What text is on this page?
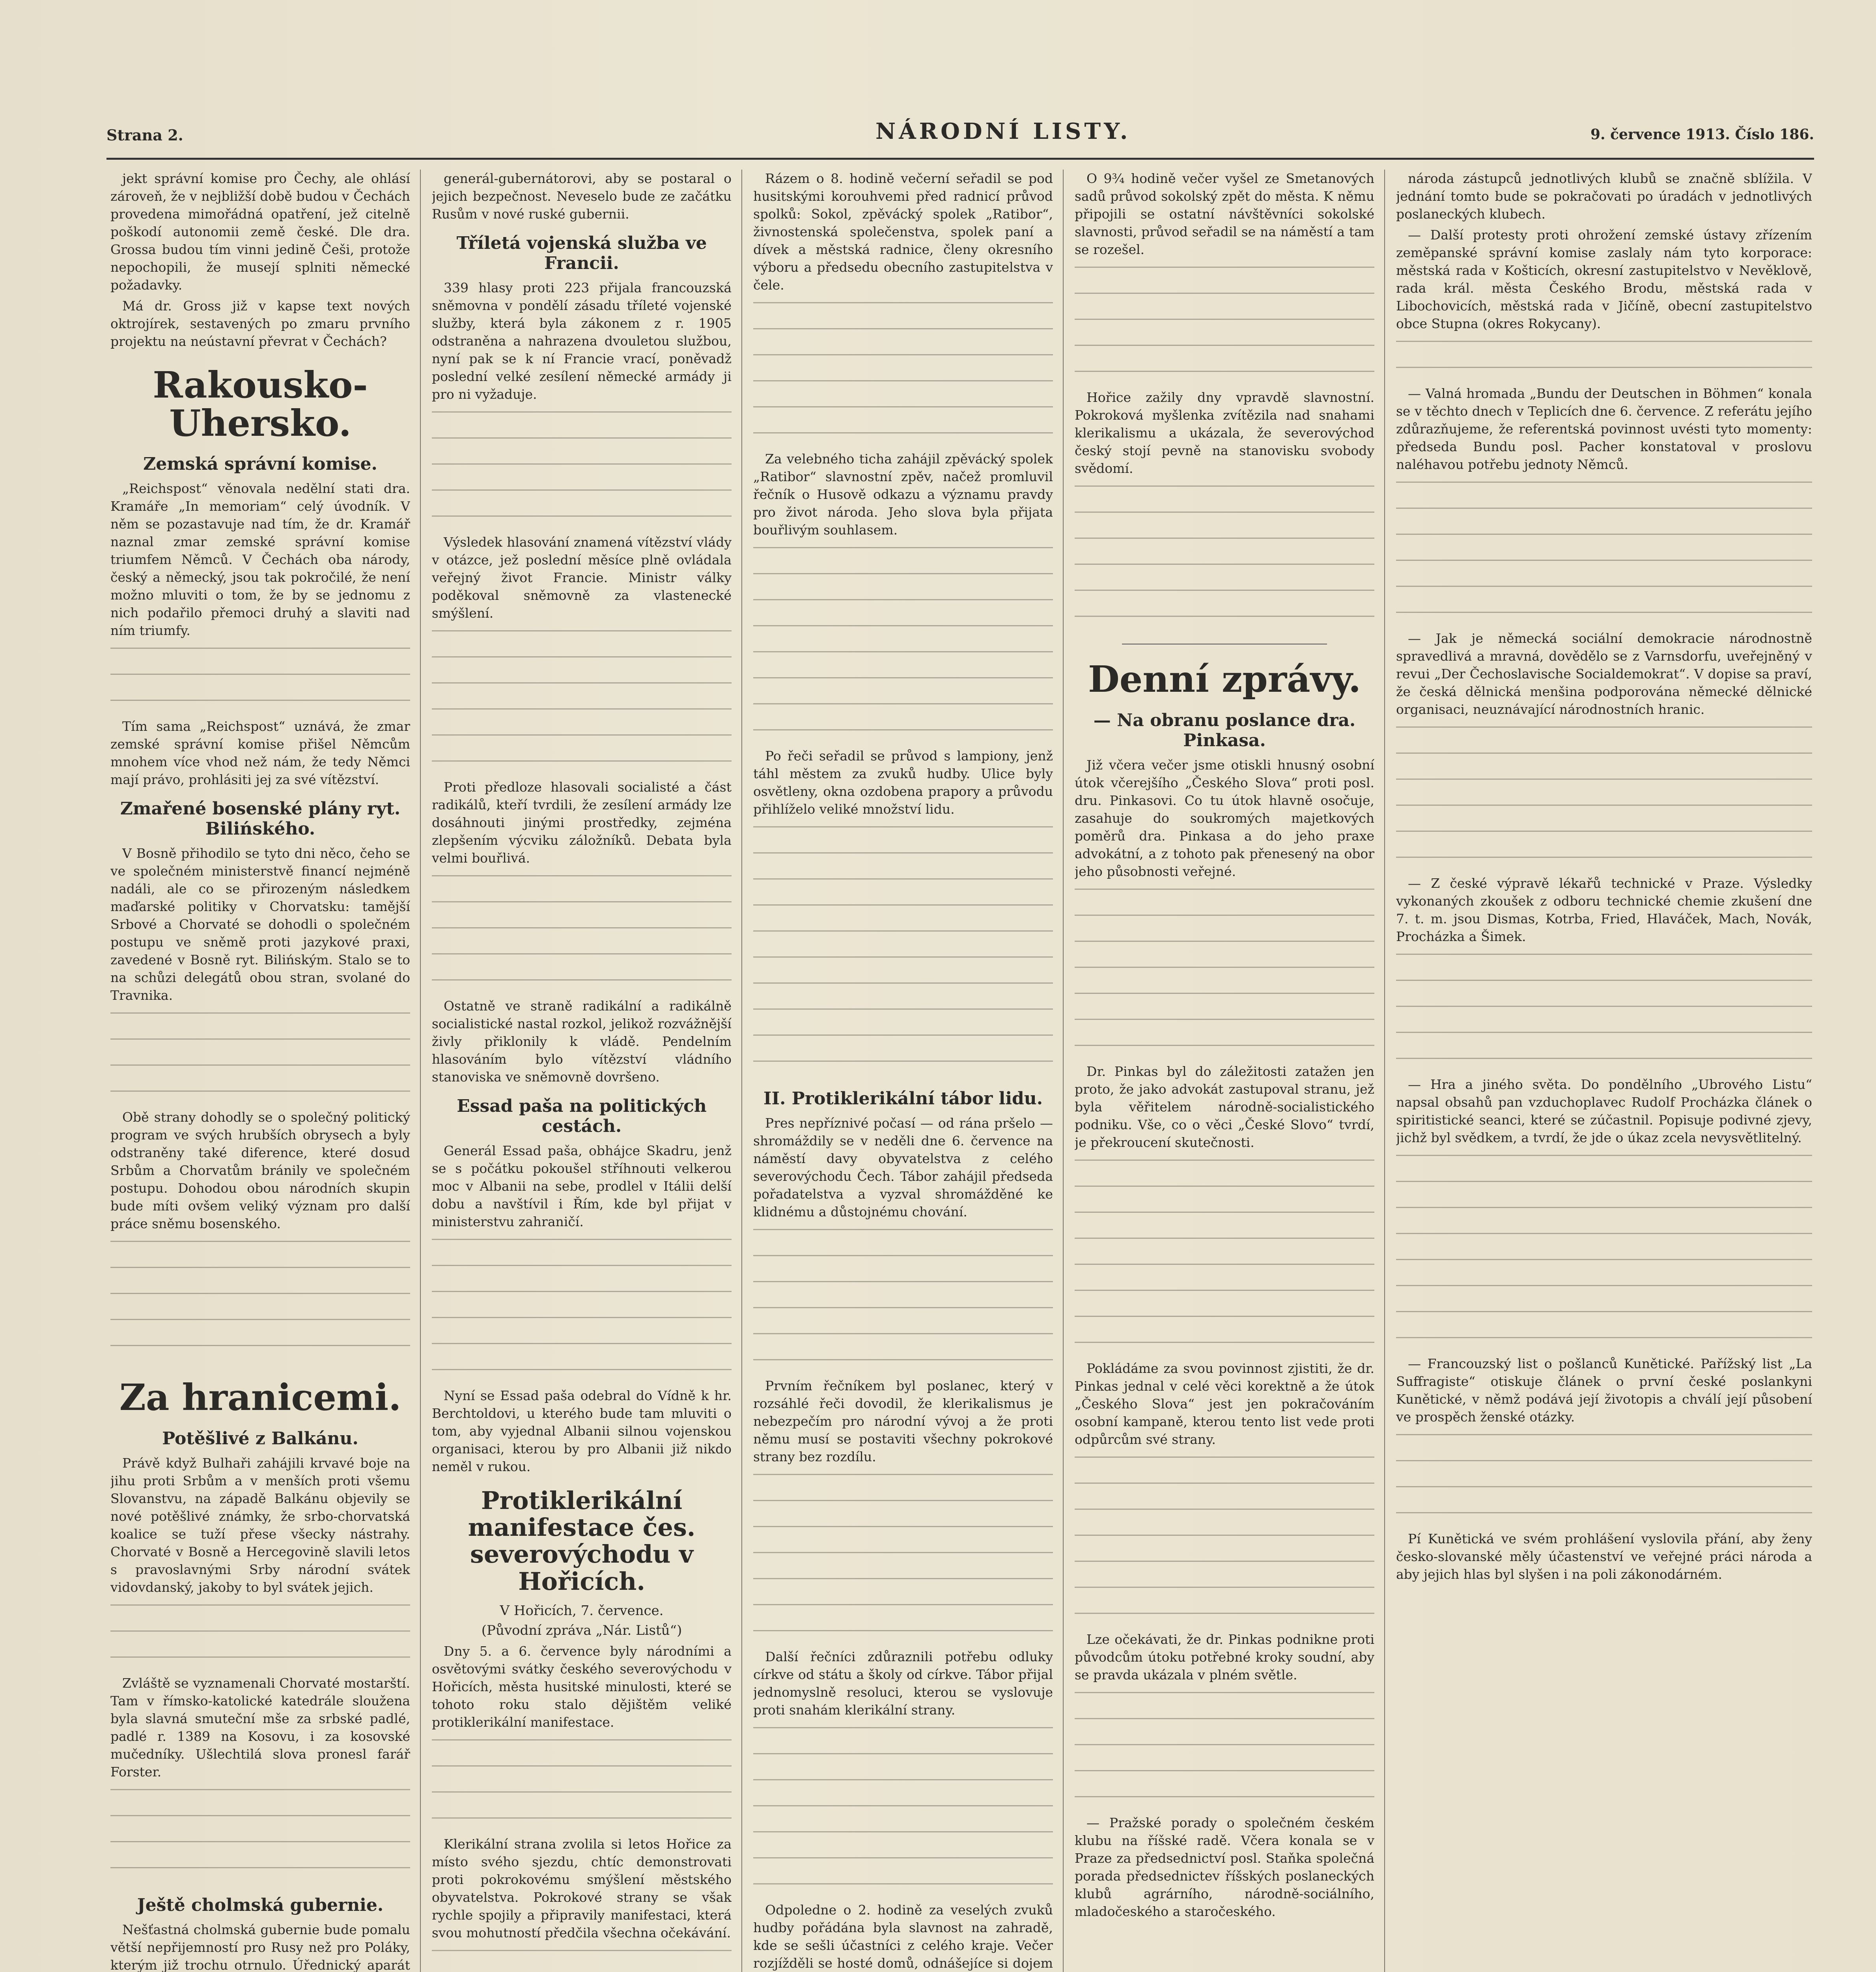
Strana 2.	NÁRODNÍ LISTY.	9. července 1913. Číslo 186.

jekt správní komise pro Čechy, ale ohlásí zároveň, že v nejbližší době budou v Čechách provedena mimořádná opatření, jež citelně poškodí autonomii země české. Dle dra. Grossa budou tím vinni jedině Češi, protože nepochopili, že musejí splniti německé požadavky.

Má dr. Gross již v kapse text nových oktrojírek, sestavených po zmaru prvního projektu na neústavní převrat v Čechách?

Rakousko-Uhersko.
Zemská správní komise.

„Reichspost“ věnovala nedělní stati dra. Kramáře „In memoriam“ celý úvodník. V něm se pozastavuje nad tím, že dr. Kramář naznal zmar zemské správní komise triumfem Němců. V Čechách oba národy, český a německý, jsou tak pokročilé, že není možno mluviti o tom, že by se jednomu z nich podařilo přemoci druhý a slaviti nad ním triumfy.

Tím sama „Reichspost“ uznává, že zmar zemské správní komise přišel Němcům mnohem více vhod než nám, že tedy Němci mají právo, prohlásiti jej za své vítězství.

Zmařené bosenské plány ryt. Bilińského.

V Bosně přihodilo se tyto dni něco, čeho se ve společném ministerstvě financí nejméně nadáli, ale co se přirozeným následkem maďarské politiky v Chorvatsku: tamější Srbové a Chorvaté se dohodli o společném postupu ve sněmě proti jazykové praxi, zavedené v Bosně ryt. Bilińským. Stalo se to na schůzi delegátů obou stran, svolané do Travnika.

Obě strany dohodly se o společný politický program ve svých hrubších obrysech a byly odstraněny také diference, které dosud Srbům a Chorvatům bránily ve společném postupu. Dohodou obou národních skupin bude míti ovšem veliký význam pro další práce sněmu bosenského.

Za hranicemi.
Potěšlivé z Balkánu.

Právě když Bulhaři zahájili krvavé boje na jihu proti Srbům a v menších proti všemu Slovanstvu, na západě Balkánu objevily se nové potěšlivé známky, že srbo-chorvatská koalice se tuží přese všecky nástrahy. Chorvaté v Bosně a Hercegovině slavili letos s pravoslavnými Srby národní svátek vidovdanský, jakoby to byl svátek jejich.

Zvláště se vyznamenali Chorvaté mostarští. Tam v římsko-katolické katedrále sloužena byla slavná smuteční mše za srbské padlé, padlé r. 1389 na Kosovu, i za kosovské mučedníky. Ušlechtilá slova pronesl farář Forster.

Ještě cholmská gubernie.

Nešťastná cholmská gubernie bude pomalu větší nepřijemností pro Rusy než pro Poláky, kterým již trochu otrnulo. Úřednický aparát

generál-gubernátorovi, aby se postaral o jejich bezpečnost. Neveselo bude ze začátku Rusům v nové ruské gubernii.

Tříletá vojenská služba ve Francii.

339 hlasy proti 223 přijala francouzská sněmovna v pondělí zásadu tříleté vojenské služby, která byla zákonem z r. 1905 odstraněna a nahrazena dvouletou službou, nyní pak se k ní Francie vrací, poněvadž poslední velké zesílení německé armády ji pro ni vyžaduje.

Výsledek hlasování znamená vítězství vlády v otázce, jež poslední měsíce plně ovládala veřejný život Francie. Ministr války poděkoval sněmovně za vlastenecké smýšlení.

Proti předloze hlasovali socialisté a část radikálů, kteří tvrdili, že zesílení armády lze dosáhnouti jinými prostředky, zejména zlepšením výcviku záložníků. Debata byla velmi bouřlivá.

Ostatně ve straně radikální a radikálně socialistické nastal rozkol, jelikož rozvážnější živly přiklonily k vládě. Pendelním hlasováním bylo vítězství vládního stanoviska ve sněmovně dovršeno.

Essad paša na politických cestách.

Generál Essad paša, obhájce Skadru, jenž se s počátku pokoušel stříhnouti velkerou moc v Albanii na sebe, prodlel v Itálii delší dobu a navštívil i Řím, kde byl přijat v ministerstvu zahraničí.

Nyní se Essad paša odebral do Vídně k hr. Berchtoldovi, u kterého bude tam mluviti o tom, aby vyjednal Albanii silnou vojenskou organisaci, kterou by pro Albanii již nikdo neměl v rukou.

Protiklerikální manifestace čes. severovýchodu v Hořicích.
V Hořicích, 7. července.
(Původní zpráva „Nár. Listů“)

Dny 5. a 6. července byly národními a osvětovými svátky českého severovýchodu v Hořicích, města husitské minulosti, které se tohoto roku stalo dějištěm veliké protiklerikální manifestace.

Klerikální strana zvolila si letos Hořice za místo svého sjezdu, chtíc demonstrovati proti pokrokovému smýšlení městského obyvatelstva. Pokrokové strany se však rychle spojily a připravily manifestaci, která svou mohutností předčila všechna očekávání.

Rázem o 8. hodině večerní seřadil se pod husitskými korouhvemi před radnicí průvod spolků: Sokol, zpěvácký spolek „Ratibor“, živnostenská společenstva, spolek paní a dívek a městská radnice, členy okresního výboru a předsedu obecního zastupitelstva v čele.

Za velebného ticha zahájil zpěvácký spolek „Ratibor“ slavnostní zpěv, načež promluvil řečník o Husově odkazu a významu pravdy pro život národa. Jeho slova byla přijata bouřlivým souhlasem.

Po řeči seřadil se průvod s lampiony, jenž táhl městem za zvuků hudby. Ulice byly osvětleny, okna ozdobena prapory a průvodu přihlíželo veliké množství lidu.

II. Protiklerikální tábor lidu.

Pres nepříznivé počasí — od rána pršelo — shromáždily se v neděli dne 6. července na náměstí davy obyvatelstva z celého severovýchodu Čech. Tábor zahájil předseda pořadatelstva a vyzval shromážděné ke klidnému a důstojnému chování.

Prvním řečníkem byl poslanec, který v rozsáhlé řeči dovodil, že klerikalismus je nebezpečím pro národní vývoj a že proti němu musí se postaviti všechny pokrokové strany bez rozdílu.

Další řečníci zdůraznili potřebu odluky církve od státu a školy od církve. Tábor přijal jednomyslně resoluci, kterou se vyslovuje proti snahám klerikální strany.

Odpoledne o 2. hodině za veselých zvuků hudby pořádána byla slavnost na zahradě, kde se sešli účastníci z celého kraje. Večer rozjížděli se hosté domů, odnášejíce si dojem

O 9¾ hodině večer vyšel ze Smetanových sadů průvod sokolský zpět do města. K němu připojili se ostatní návštěvníci sokolské slavnosti, průvod seřadil se na náměstí a tam se rozešel.

Hořice zažily dny vpravdě slavnostní. Pokroková myšlenka zvítězila nad snahami klerikalismu a ukázala, že severovýchod český stojí pevně na stanovisku svobody svědomí.

Denní zprávy.
— Na obranu poslance dra. Pinkasa.

Již včera večer jsme otiskli hnusný osobní útok včerejšího „Českého Slova“ proti posl. dru. Pinkasovi. Co tu útok hlavně osočuje, zasahuje do soukromých majetkových poměrů dra. Pinkasa a do jeho praxe advokátní, a z tohoto pak přenesený na obor jeho působnosti veřejné.

Dr. Pinkas byl do záležitosti zatažen jen proto, že jako advokát zastupoval stranu, jež byla věřitelem národně-socialistického podniku. Vše, co o věci „České Slovo“ tvrdí, je překroucení skutečnosti.

Pokládáme za svou povinnost zjistiti, že dr. Pinkas jednal v celé věci korektně a že útok „Českého Slova“ jest jen pokračováním osobní kampaně, kterou tento list vede proti odpůrcům své strany.

Lze očekávati, že dr. Pinkas podnikne proti původcům útoku potřebné kroky soudní, aby se pravda ukázala v plném světle.

— Pražské porady o společném českém klubu na říšské radě. Včera konala se v Praze za předsednictví posl. Staňka společná porada předsednictev říšských poslaneckých klubů agrárního, národně-sociálního, mladočeského a staročeského.

národa zástupců jednotlivých klubů se značně sblížila. V jednání tomto bude se pokračovati po úradách v jednotlivých poslaneckých klubech.

— Další protesty proti ohrožení zemské ústavy zřízením zeměpanské správní komise zaslaly nám tyto korporace: městská rada v Košticích, okresní zastupitelstvo v Nevěklově, rada král. města Českého Brodu, městská rada v Libochovicích, městská rada v Jičíně, obecní zastupitelstvo obce Stupna (okres Rokycany).

— Valná hromada „Bundu der Deutschen in Böhmen“ konala se v těchto dnech v Teplicích dne 6. července. Z referátu jejího zdůrazňujeme, že referentská povinnost uvésti tyto momenty: předseda Bundu posl. Pacher konstatoval v proslovu naléhavou potřebu jednoty Němců.

— Jak je německá sociální demokracie národnostně spravedlivá a mravná, dovědělo se z Varnsdorfu, uveřejněný v revui „Der Čechoslavische Socialdemokrat“. V dopise sa praví, že česká dělnická menšina podporována německé dělnické organisaci, neuznávající národnostních hranic.

— Z české výpravě lékařů technické v Praze. Výsledky vykonaných zkoušek z odboru technické chemie zkušení dne 7. t. m. jsou Dismas, Kotrba, Fried, Hlaváček, Mach, Novák, Procházka a Šimek.

— Hra a jiného světa. Do pondělního „Ubrového Listu“ napsal obsahů pan vzduchoplavec Rudolf Procházka článek o spiritistické seanci, které se zúčastnil. Popisuje podivné zjevy, jichž byl svědkem, a tvrdí, že jde o úkaz zcela nevysvětlitelný.

— Francouzský list o pošlanců Kunětické. Pařížský list „La Suffragiste“ otiskuje článek o první české poslankyni Kunětické, v němž podává její životopis a chválí její působení ve prospěch ženské otázky.

Pí Kunětická ve svém prohlášení vyslovila přání, aby ženy česko-slovanské měly účastenství ve veřejné práci národa a aby jejich hlas byl slyšen i na poli zákonodárném.
